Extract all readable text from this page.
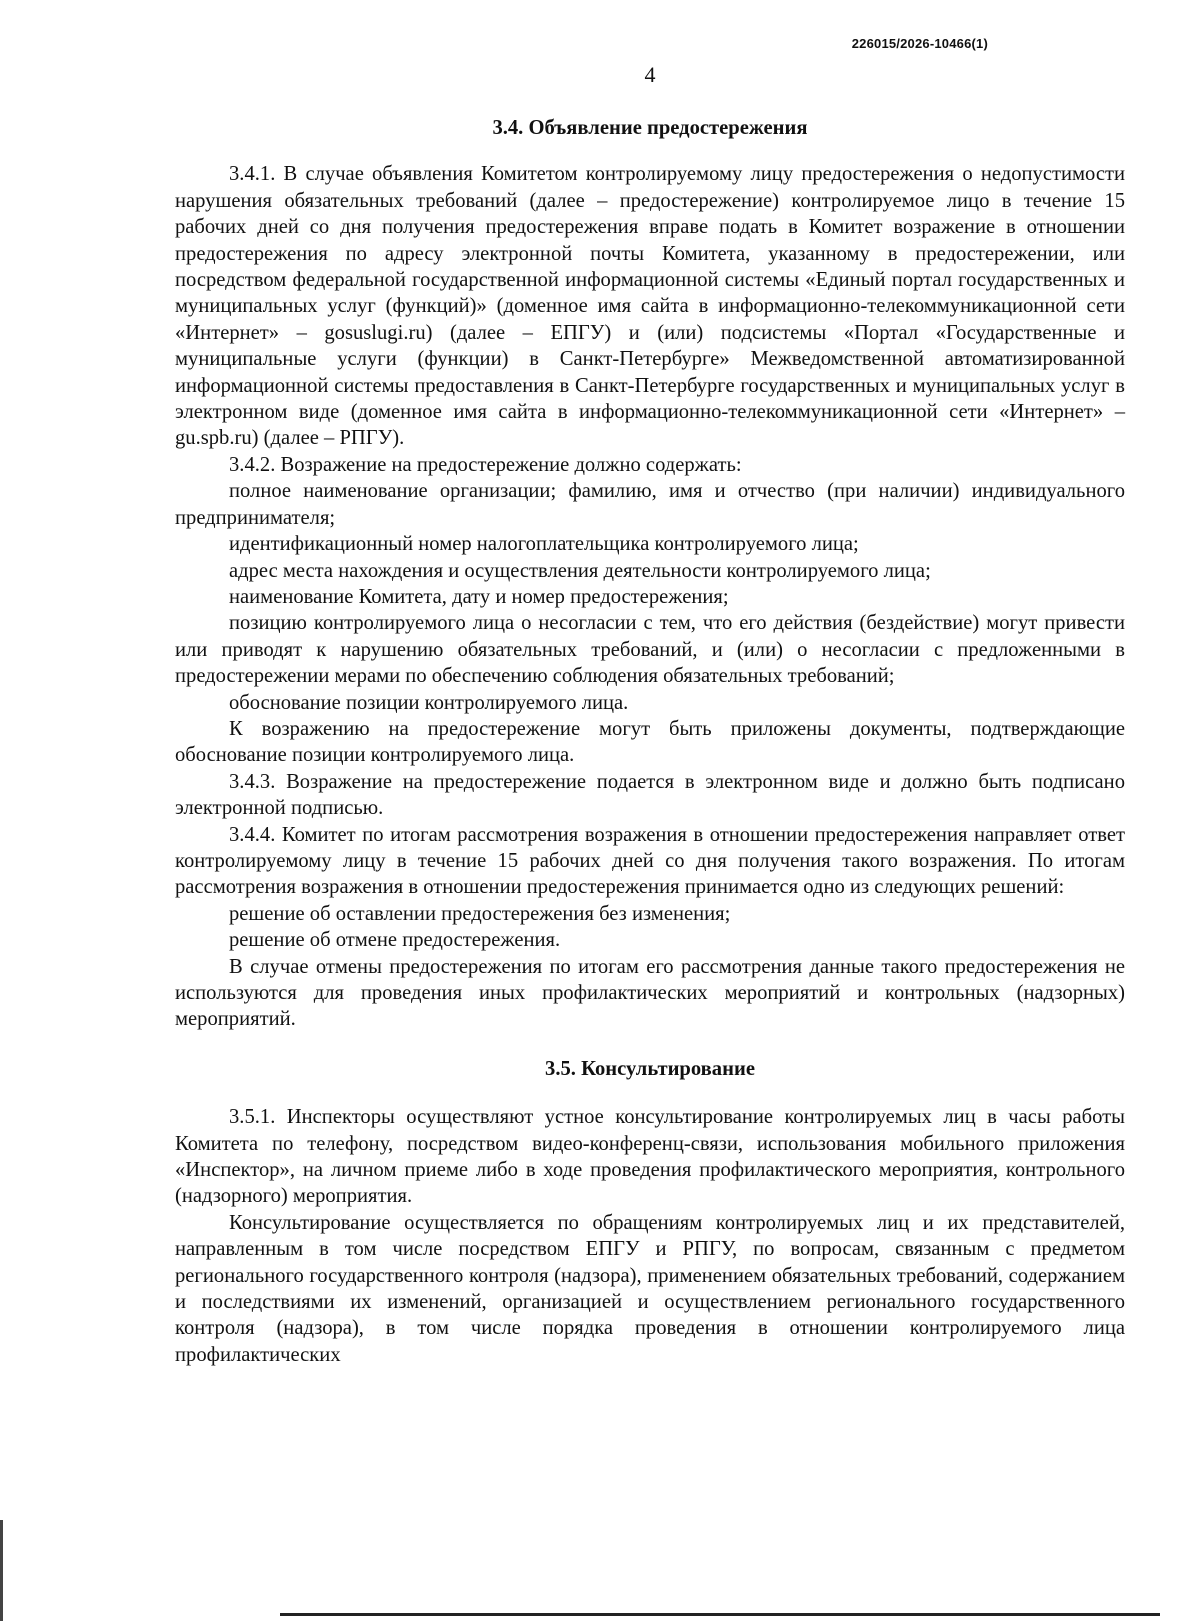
226015/2026-10466(1)
4
3.4. Объявление предостережения

3.4.1. В случае объявления Комитетом контролируемому лицу предостережения о недопустимости нарушения обязательных требований (далее – предостережение) контролируемое лицо в течение 15 рабочих дней со дня получения предостережения вправе подать в Комитет возражение в отношении предостережения по адресу электронной почты Комитета, указанному в предостережении, или посредством федеральной государственной информационной системы «Единый портал государственных и муниципальных услуг (функций)» (доменное имя сайта в информационно-телекоммуникационной сети «Интернет» – gosuslugi.ru) (далее – ЕПГУ) и (или) подсистемы «Портал «Государственные и муниципальные услуги (функции) в Санкт-Петербурге» Межведомственной автоматизированной информационной системы предоставления в Санкт-Петербурге государственных и муниципальных услуг в электронном виде (доменное имя сайта в информационно-телекоммуникационной сети «Интернет» – gu.spb.ru) (далее – РПГУ).

3.4.2. Возражение на предостережение должно содержать:

полное наименование организации; фамилию, имя и отчество (при наличии) индивидуального предпринимателя;

идентификационный номер налогоплательщика контролируемого лица;

адрес места нахождения и осуществления деятельности контролируемого лица;

наименование Комитета, дату и номер предостережения;

позицию контролируемого лица о несогласии с тем, что его действия (бездействие) могут привести или приводят к нарушению обязательных требований, и (или) о несогласии с предложенными в предостережении мерами по обеспечению соблюдения обязательных требований;

обоснование позиции контролируемого лица.

К возражению на предостережение могут быть приложены документы, подтверждающие обоснование позиции контролируемого лица.

3.4.3. Возражение на предостережение подается в электронном виде и должно быть подписано электронной подписью.

3.4.4. Комитет по итогам рассмотрения возражения в отношении предостережения направляет ответ контролируемому лицу в течение 15 рабочих дней со дня получения такого возражения. По итогам рассмотрения возражения в отношении предостережения принимается одно из следующих решений:

решение об оставлении предостережения без изменения;

решение об отмене предостережения.

В случае отмены предостережения по итогам его рассмотрения данные такого предостережения не используются для проведения иных профилактических мероприятий и контрольных (надзорных) мероприятий.

3.5. Консультирование

3.5.1. Инспекторы осуществляют устное консультирование контролируемых лиц в часы работы Комитета по телефону, посредством видео-конференц-связи, использования мобильного приложения «Инспектор», на личном приеме либо в ходе проведения профилактического мероприятия, контрольного (надзорного) мероприятия.

Консультирование осуществляется по обращениям контролируемых лиц и их представителей, направленным в том числе посредством ЕПГУ и РПГУ, по вопросам, связанным с предметом регионального государственного контроля (надзора), применением обязательных требований, содержанием и последствиями их изменений, организацией и осуществлением регионального государственного контроля (надзора), в том числе порядка проведения в отношении контролируемого лица профилактических
